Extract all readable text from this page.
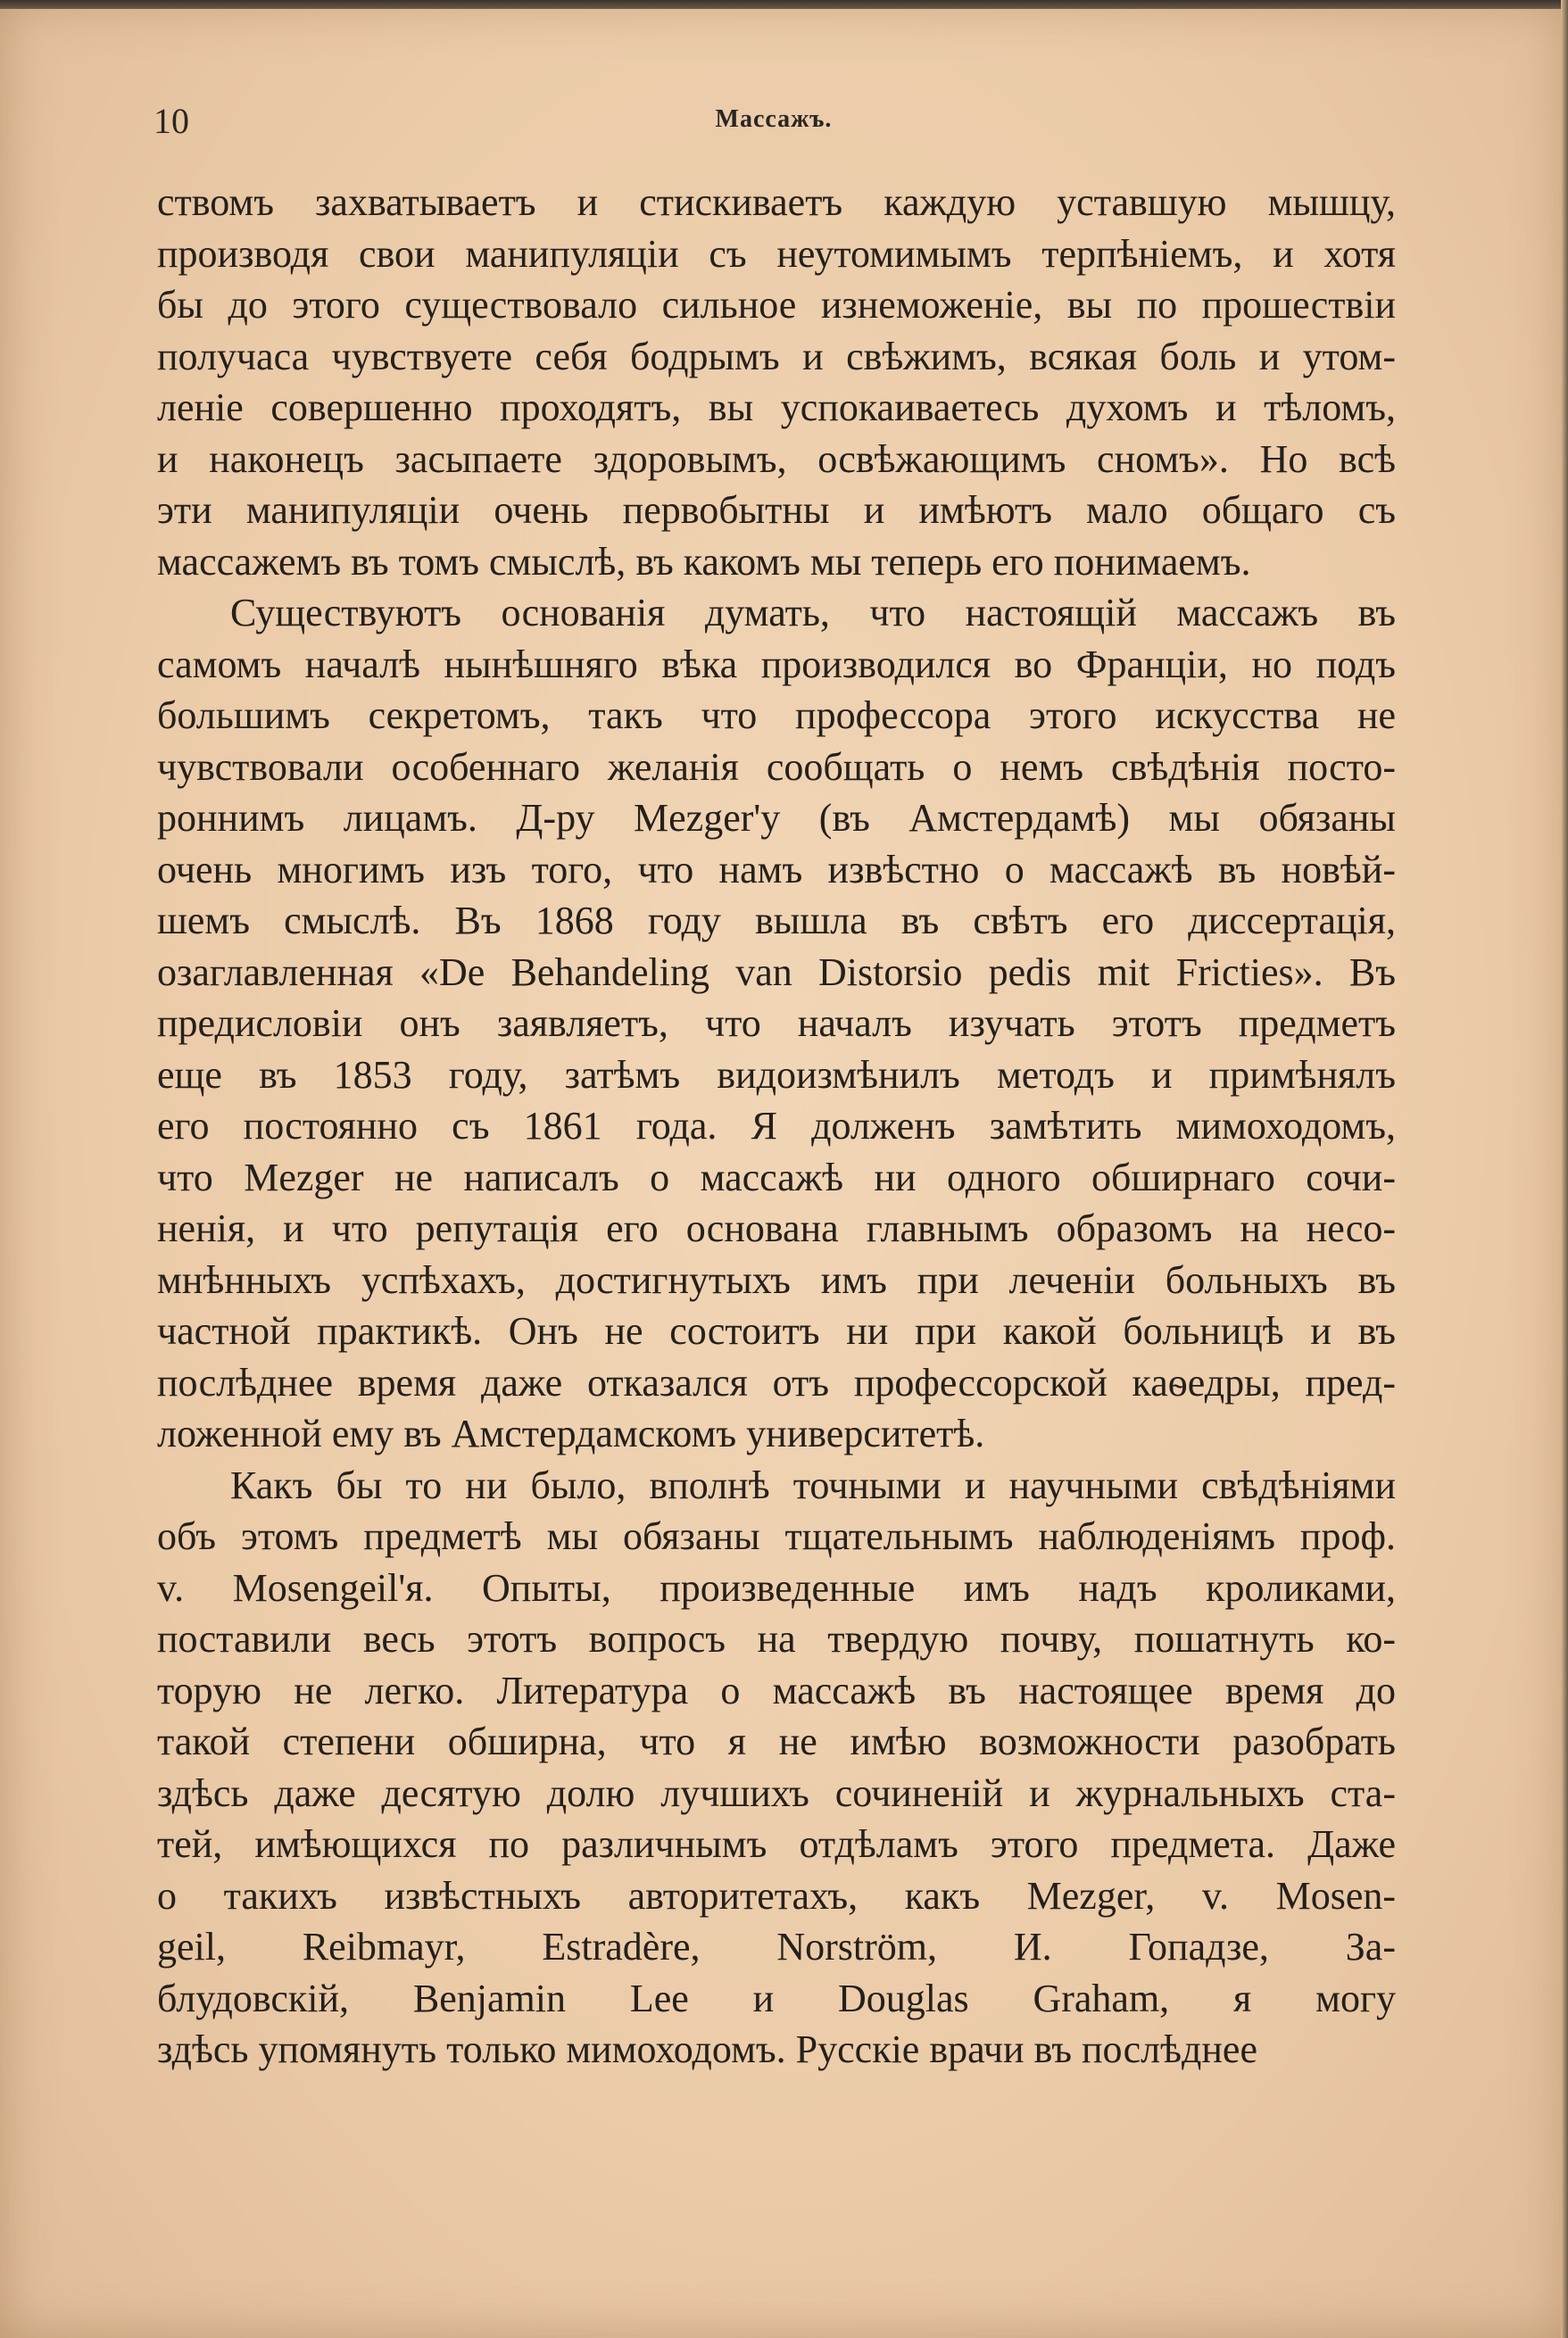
10	Массажъ.
ствомъ захватываетъ и стискиваетъ каждую уставшую мышцу,
производя свои манипуляціи съ неутомимымъ терпѣніемъ, и хотя
бы до этого существовало сильное изнеможеніе, вы по прошествіи
получаса чувствуете себя бодрымъ и свѣжимъ, всякая боль и утом-
леніе совершенно проходятъ, вы успокаиваетесь духомъ и тѣломъ,
и наконецъ засыпаете здоровымъ, освѣжающимъ сномъ». Но всѣ
эти манипуляціи очень первобытны и имѣютъ мало общаго съ
массажемъ въ томъ смыслѣ, въ какомъ мы теперь его понимаемъ.
Существуютъ основанія думать, что настоящій массажъ въ
самомъ началѣ нынѣшняго вѣка производился во Франціи, но подъ
большимъ секретомъ, такъ что профессора этого искусства не
чувствовали особеннаго желанія сообщать о немъ свѣдѣнія посто-
роннимъ лицамъ. Д-ру Mezger'у (въ Амстердамѣ) мы обязаны
очень многимъ изъ того, что намъ извѣстно о массажѣ въ новѣй-
шемъ смыслѣ. Въ 1868 году вышла въ свѣтъ его диссертація,
озаглавленная «De Behandeling van Distorsio pedis mit Fricties». Въ
предисловіи онъ заявляетъ, что началъ изучать этотъ предметъ
еще въ 1853 году, затѣмъ видоизмѣнилъ методъ и примѣнялъ
его постоянно съ 1861 года. Я долженъ замѣтить мимоходомъ,
что Mezger не написалъ о массажѣ ни одного обширнаго сочи-
ненія, и что репутація его основана главнымъ образомъ на несо-
мнѣнныхъ успѣхахъ, достигнутыхъ имъ при леченіи больныхъ въ
частной практикѣ. Онъ не состоитъ ни при какой больницѣ и въ
послѣднее время даже отказался отъ профессорской каѳедры, пред-
ложенной ему въ Амстердамскомъ университетѣ.
Какъ бы то ни было, вполнѣ точными и научными свѣдѣніями
объ этомъ предметѣ мы обязаны тщательнымъ наблюденіямъ проф.
v. Mosengeil'я. Опыты, произведенные имъ надъ кроликами,
поставили весь этотъ вопросъ на твердую почву, пошатнуть ко-
торую не легко. Литература о массажѣ въ настоящее время до
такой степени обширна, что я не имѣю возможности разобрать
здѣсь даже десятую долю лучшихъ сочиненій и журнальныхъ ста-
тей, имѣющихся по различнымъ отдѣламъ этого предмета. Даже
о такихъ извѣстныхъ авторитетахъ, какъ Mezger, v. Mosen-
geil, Reibmayr, Estradère, Norström, И. Гопадзе, За-
блудовскій, Benjamin Lee и Douglas Graham, я могу
здѣсь упомянуть только мимоходомъ. Русскіе врачи въ послѣднее
